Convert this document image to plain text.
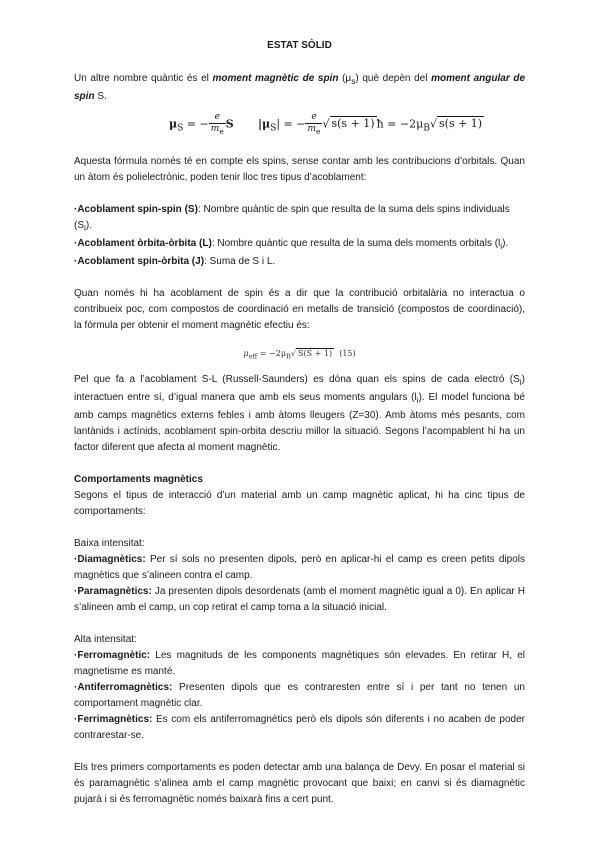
ESTAT SÒLID

Un altre nombre quàntic és el moment magnètic de spin $(\mu_s)$ què depèn del moment angular de spin S.

$\mu_S$ = − $\frac{e}{m_e}$ S $|\mu_S|$ = − $\frac{e}{m_e}$ √ s(s + 1) ħ = $-2\mu_B√$ s(s + 1)

Aquesta fórmula només té en compte els spins, sense contar amb les contribucions d’orbitals. Quan un àtom és polielectrònic, poden tenir lloc tres tipus d’acoblament:

·Acoblament spin-spin (S): Nombre quàntic de spin que resulta de la suma dels spins individuals $(S_i)$.

·Acoblament òrbita-òrbita (L): Nombre quàntic que resulta de la suma dels moments orbitals $(l_i)$.

·Acoblament spin-òrbita (J): Suma de S i L.

Quan només hi ha acoblament de spin és a dir que la contribució orbitalària no interactua o contribueix poc, com compostos de coordinació en metalls de transició (compostos de coordinació), la fórmula per obtenir el moment magnètic efectiu és:

$\mu_{eff} = -2\mu_B√$ S(S + 1) (15)

Pel que fa a l’acoblament S-L (Russell-Saunders) es dóna quan els spins de cada electró $(S_i)$ interactuen entre sí, d’igual manera que amb els seus moments angulars $(l_i)$. El model funciona bé amb camps magnètics externs febles i amb àtoms lleugers (Z=30). Amb àtoms més pesants, com lantànids i actínids, acoblament spin-orbita descriu millor la situació. Segons l’acompablent hi ha un factor diferent que afecta al moment magnètic.

Comportaments magnètics

Segons el tipus de interacció d’un material amb un camp magnètic aplicat, hi ha cinc tipus de comportaments:

Baixa intensitat:

·Diamagnètics: Per sí sols no presenten dipols, però en aplicar-hi el camp es creen petits dipols magnètics que s’alineen contra el camp.

·Paramagnètics: Ja presenten dipols desordenats (amb el moment magnètic igual a 0). En aplicar H s’alineen amb el camp, un cop retirat el camp torna a la situació inicial.

Alta intensitat:

·Ferromagnètic: Les magnituds de les components magnètiques són elevades. En retirar H, el magnetisme es manté.

·Antiferromagnètics: Presenten dipols que es contraresten entre sí i per tant no tenen un comportament magnètic clar.

·Ferrimagnètics: Es com els antiferromagnètics però els dipols són diferents i no acaben de poder contrarestar-se.

Els tres primers comportaments es poden detectar amb una balança de Devy. En posar el material si és paramagnètic s’alinea amb el camp magnètic provocant que baixi; en canvi si és diamagnètic pujarà i si és ferromagnètic només baixarà fins a cert punt.
